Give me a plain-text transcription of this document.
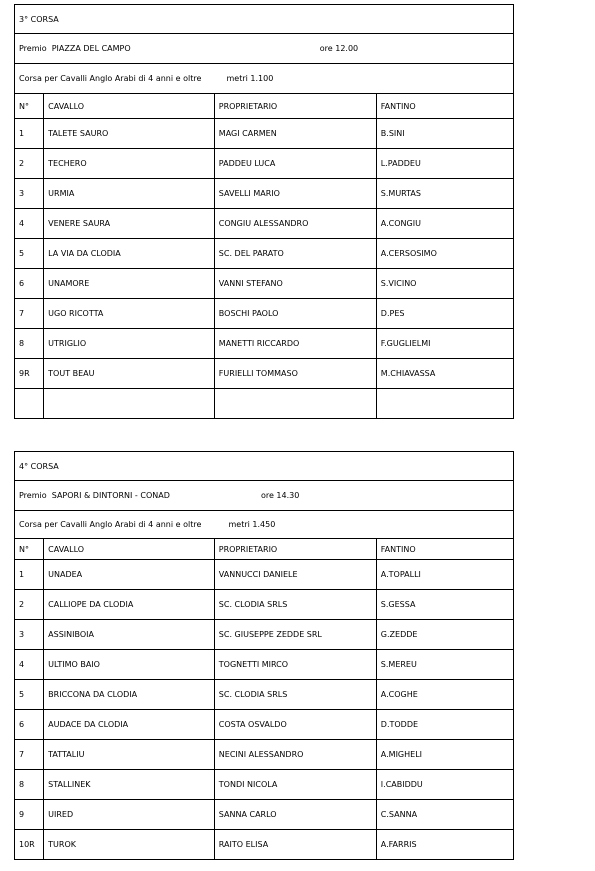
3° CORSA			
Premio PIAZZA DEL CAMPO ore 12.00			
Corsa per Cavalli Anglo Arabi di 4 anni e oltre metri 1.100			
N°	CAVALLO	PROPRIETARIO	FANTINO
1	TALETE SAURO	MAGI CARMEN	B.SINI
2	TECHERO	PADDEU LUCA	L.PADDEU
3	URMIA	SAVELLI MARIO	S.MURTAS
4	VENERE SAURA	CONGIU ALESSANDRO	A.CONGIU
5	LA VIA DA CLODIA	SC. DEL PARATO	A.CERSOSIMO
6	UNAMORE	VANNI STEFANO	S.VICINO
7	UGO RICOTTA	BOSCHI PAOLO	D.PES
8	UTRIGLIO	MANETTI RICCARDO	F.GUGLIELMI
9R	TOUT BEAU	FURIELLI TOMMASO	M.CHIAVASSA

4° CORSA			
Premio SAPORI & DINTORNI - CONAD ore 14.30			
Corsa per Cavalli Anglo Arabi di 4 anni e oltre metri 1.450			
N°	CAVALLO	PROPRIETARIO	FANTINO
1	UNADEA	VANNUCCI DANIELE	A.TOPALLI
2	CALLIOPE DA CLODIA	SC. CLODIA SRLS	S.GESSA
3	ASSINIBOIA	SC. GIUSEPPE ZEDDE SRL	G.ZEDDE
4	ULTIMO BAIO	TOGNETTI MIRCO	S.MEREU
5	BRICCONA DA CLODIA	SC. CLODIA SRLS	A.COGHE
6	AUDACE DA CLODIA	COSTA OSVALDO	D.TODDE
7	TATTALIU	NECINI ALESSANDRO	A.MIGHELI
8	STALLINEK	TONDI NICOLA	I.CABIDDU
9	UIRED	SANNA CARLO	C.SANNA
10R	TUROK	RAITO ELISA	A.FARRIS
